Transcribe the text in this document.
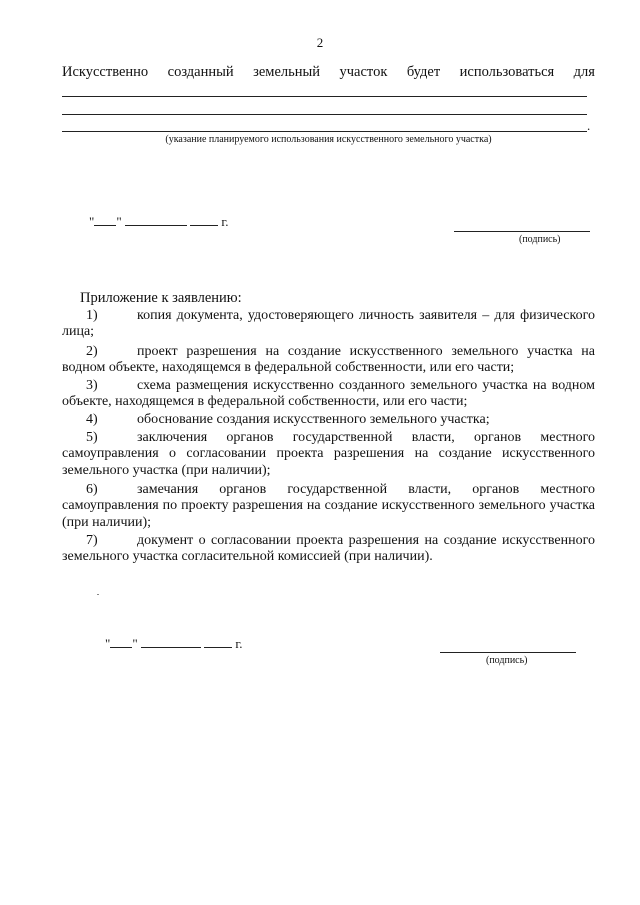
2
Искусственно созданный земельный участок будет использоваться для
.
(указание планируемого использования искусственного земельного участка)
" "	г.
(подпись)
Приложение к заявлению:
1)	копия документа, удостоверяющего личность заявителя – для физического лица;
2)	проект разрешения на создание искусственного земельного участка на водном объекте, находящемся в федеральной собственности, или его части;
3)	схема размещения искусственно созданного земельного участка на водном объекте, находящемся в федеральной собственности, или его части;
4)	обоснование создания искусственного земельного участка;
5)	заключения органов государственной власти, органов местного самоуправления о согласовании проекта разрешения на создание искусственного земельного участка (при наличии);
6)	замечания органов государственной власти, органов местного самоуправления по проекту разрешения на создание искусственного земельного участка (при наличии);
7)	документ о согласовании проекта разрешения на создание искусственного земельного участка согласительной комиссией (при наличии).
" "	г.
(подпись)
